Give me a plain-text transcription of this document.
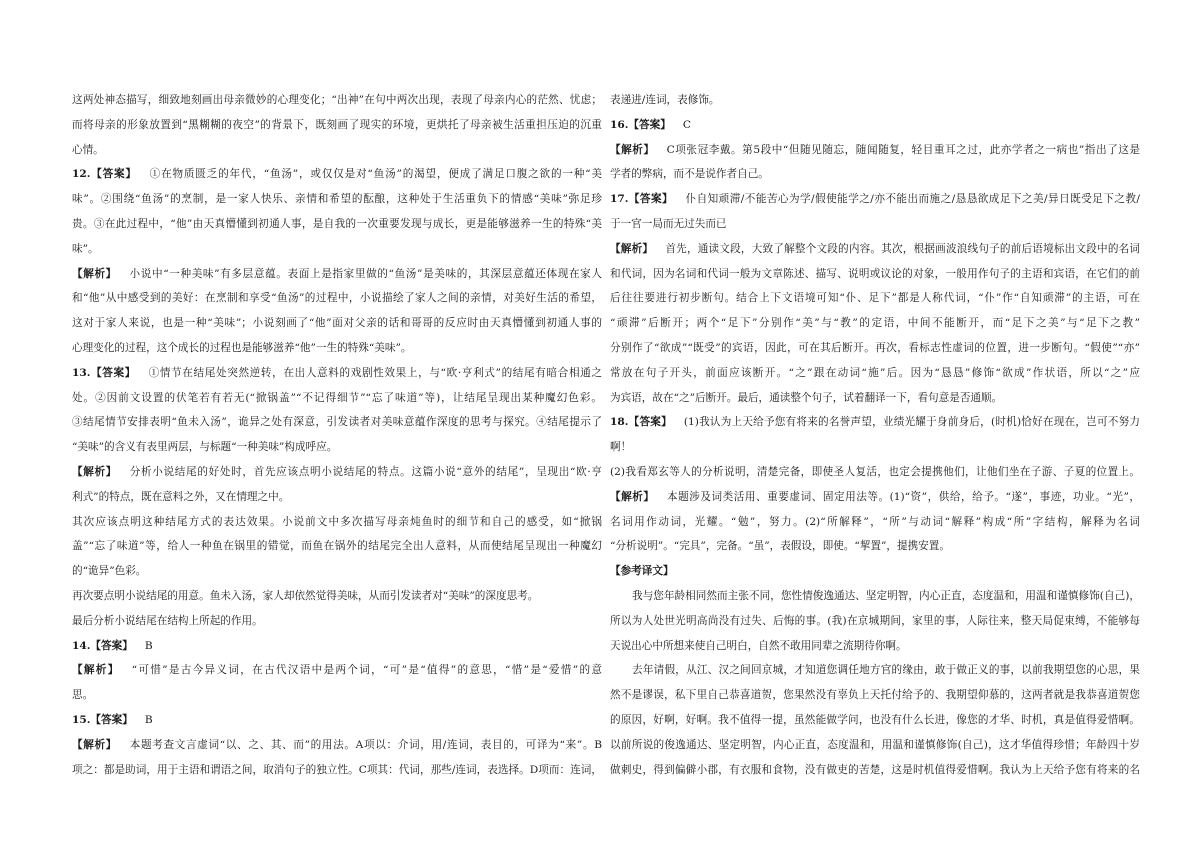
这两处神态描写，细致地刻画出母亲微妙的心理变化；“出神”在句中两次出现，表现了母亲内心的茫然、忧虑；
而将母亲的形象放置到“黑糊糊的夜空”的背景下，既刻画了现实的环境，更烘托了母亲被生活重担压迫的沉重
心情。
12.【答案】 ①在物质匮乏的年代，“鱼汤”，或仅仅是对“鱼汤”的渴望，便成了满足口腹之欲的一种“美
味”。②围绕“鱼汤”的烹制，是一家人快乐、亲情和希望的酝酿，这种处于生活重负下的情感“美味”弥足珍
贵。③在此过程中，“他”由天真懵懂到初通人事，是自我的一次重要发现与成长，更是能够滋养一生的特殊“美
味”。
【解析】 小说中“一种美味”有多层意蕴。表面上是指家里做的“鱼汤”是美味的，其深层意蕴还体现在家人
和“他”从中感受到的美好：在烹制和享受“鱼汤”的过程中，小说描绘了家人之间的亲情，对美好生活的希望，
这对于家人来说，也是一种“美味”；小说刻画了“他”面对父亲的话和哥哥的反应时由天真懵懂到初通人事的
心理变化的过程，这个成长的过程也是能够滋养“他”一生的特殊“美味”。
13.【答案】 ①情节在结尾处突然逆转，在出人意料的戏剧性效果上，与“欧·亨利式”的结尾有暗合相通之
处。②因前文设置的伏笔若有若无(“掀锅盖”“不记得细节”“忘了味道”等)，让结尾呈现出某种魔幻色彩。
③结尾情节安排表明“鱼未入汤”，诡异之处有深意，引发读者对美味意蕴作深度的思考与探究。④结尾提示了
“美味”的含义有表里两层，与标题“一种美味”构成呼应。
【解析】 分析小说结尾的好处时，首先应该点明小说结尾的特点。这篇小说“意外的结尾”，呈现出“欧·亨
利式”的特点，既在意料之外，又在情理之中。
其次应该点明这种结尾方式的表达效果。小说前文中多次描写母亲炖鱼时的细节和自己的感受，如“掀锅
盖”“忘了味道”等，给人一种鱼在锅里的错觉，而鱼在锅外的结尾完全出人意料，从而使结尾呈现出一种魔幻
的“诡异”色彩。
再次要点明小说结尾的用意。鱼未入汤，家人却依然觉得美味，从而引发读者对“美味”的深度思考。
最后分析小说结尾在结构上所起的作用。
14.【答案】 B
【解析】 “可惜”是古今异义词，在古代汉语中是两个词，“可”是“值得”的意思，“惜”是“爱惜”的意
思。
15.【答案】 B
【解析】 本题考查文言虚词“以、之、其、而”的用法。A项以：介词，用/连词，表目的，可译为“来”。B
项之：都是助词，用于主语和谓语之间，取消句子的独立性。C项其：代词，那些/连词，表选择。D项而：连词，
表递进/连词，表修饰。
16.【答案】 C
【解析】 C项张冠李戴。第5段中“但随见随忘，随闻随复，轻目重耳之过，此亦学者之一病也”指出了这是
学者的弊病，而不是说作者自己。
17.【答案】 仆自知顽滞/不能苦心为学/假使能学之/亦不能出而施之/恳恳欲成足下之美/异日既受足下之教/
于一官一局而无过失而已
【解析】 首先，通读文段，大致了解整个文段的内容。其次，根据画波浪线句子的前后语境标出文段中的名词
和代词，因为名词和代词一般为文章陈述、描写、说明或议论的对象，一般用作句子的主语和宾语，在它们的前
后往往要进行初步断句。结合上下文语境可知“仆、足下”都是人称代词，“仆”作“自知顽滞”的主语，可在
“顽滞”后断开；两个“足下”分别作“美”与“教”的定语，中间不能断开，而“足下之美”与“足下之教”
分别作了“欲成”“既受”的宾语，因此，可在其后断开。再次，看标志性虚词的位置，进一步断句。“假使”“亦”
常放在句子开头，前面应该断开。“之”跟在动词“施”后。因为“恳恳”修饰“欲成”作状语，所以“之”应
为宾语，故在“之”后断开。最后，通读整个句子，试着翻译一下，看句意是否通顺。
18.【答案】 (1)我认为上天给予您有将来的名誉声望，业绩光耀于身前身后，(时机)恰好在现在，岂可不努力
啊！
(2)我看郑玄等人的分析说明，清楚完备，即使圣人复活，也定会提携他们，让他们坐在子游、子夏的位置上。
【解析】 本题涉及词类活用、重要虚词、固定用法等。(1)“资”，供给，给予。“遂”，事迹，功业。“光”，
名词用作动词，光耀。“勉”，努力。(2)“所解释”，“所”与动词“解释”构成“所”字结构，解释为名词
“分析说明”。“完具”，完备。“虽”，表假设，即使。“挈置”，提携安置。
【参考译文】
我与您年龄相同然而主张不同，您性情俊逸通达、坚定明智，内心正直，态度温和，用温和谨慎修饰(自己)，
所以为人处世光明高尚没有过失、后悔的事。(我)在京城期间，家里的事，人际往来，整天局促束缚，不能够每
天说出心中所想来使自己明白，自然不敢用同辈之流期待你啊。
去年请假，从江、汉之间回京城，才知道您调任地方官的缘由，敢于做正义的事，以前我期望您的心思，果
然不是谬误，私下里自己恭喜道贺，您果然没有辜负上天托付给予的、我期望仰慕的，这两者就是我恭喜道贺您
的原因，好啊，好啊。我不值得一提，虽然能做学问，也没有什么长进，像您的才华、时机，真是值得爱惜啊。
以前所说的俊逸通达、坚定明智，内心正直，态度温和，用温和谨慎修饰(自己)，这才华值得珍惜；年龄四十岁
做刺史，得到偏僻小郡，有衣服和食物，没有做吏的苦楚，这是时机值得爱惜啊。我认为上天给予您有将来的名
